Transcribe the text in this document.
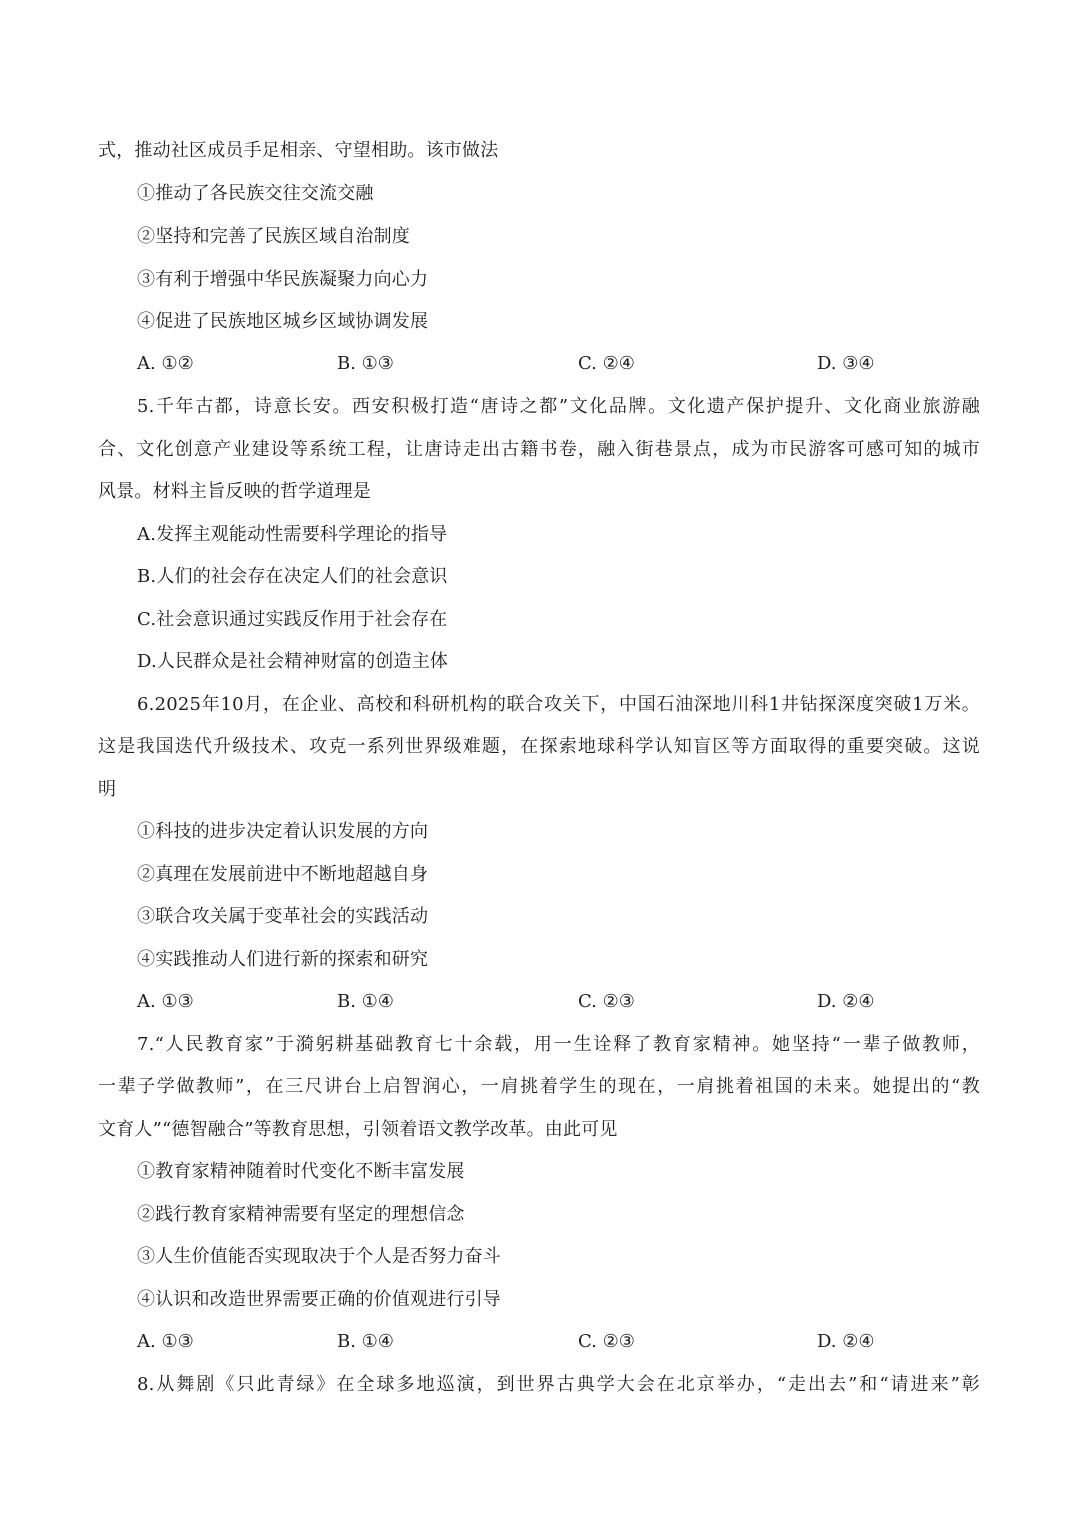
式，推动社区成员手足相亲、守望相助。该市做法
①推动了各民族交往交流交融
②坚持和完善了民族区域自治制度
③有利于增强中华民族凝聚力向心力
④促进了民族地区城乡区域协调发展
A. ①②	B. ①③	C. ②④	D. ③④
5.千年古都，诗意长安。西安积极打造“唐诗之都”文化品牌。文化遗产保护提升、文化商业旅游融
合、文化创意产业建设等系统工程，让唐诗走出古籍书卷，融入街巷景点，成为市民游客可感可知的城市
风景。材料主旨反映的哲学道理是
A.发挥主观能动性需要科学理论的指导
B.人们的社会存在决定人们的社会意识
C.社会意识通过实践反作用于社会存在
D.人民群众是社会精神财富的创造主体
6.2025年10月，在企业、高校和科研机构的联合攻关下，中国石油深地川科1井钻探深度突破1万米。
这是我国迭代升级技术、攻克一系列世界级难题，在探索地球科学认知盲区等方面取得的重要突破。这说
明
①科技的进步决定着认识发展的方向
②真理在发展前进中不断地超越自身
③联合攻关属于变革社会的实践活动
④实践推动人们进行新的探索和研究
A. ①③	B. ①④	C. ②③	D. ②④
7.“人民教育家”于漪躬耕基础教育七十余载，用一生诠释了教育家精神。她坚持“一辈子做教师，
一辈子学做教师”，在三尺讲台上启智润心，一肩挑着学生的现在，一肩挑着祖国的未来。她提出的“教
文育人”“德智融合”等教育思想，引领着语文教学改革。由此可见
①教育家精神随着时代变化不断丰富发展
②践行教育家精神需要有坚定的理想信念
③人生价值能否实现取决于个人是否努力奋斗
④认识和改造世界需要正确的价值观进行引导
A. ①③	B. ①④	C. ②③	D. ②④
8.从舞剧《只此青绿》在全球多地巡演，到世界古典学大会在北京举办，“走出去”和“请进来”彰
